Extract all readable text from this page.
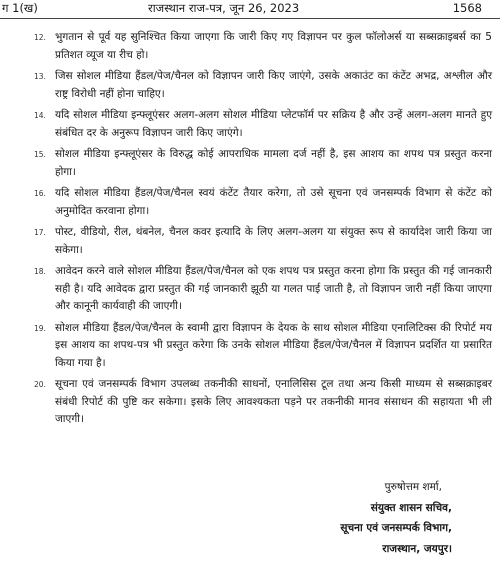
ग 1(ख)	राजस्थान राज-पत्र, जून 26, 2023	1568
12. भुगतान से पूर्व यह सुनिश्चित किया जाएगा कि जारी किए गए विज्ञापन पर कुल फॉलोअर्स या सब्सक्राइबर्स का 5 प्रतिशत व्यूज या रीच हो।
13. जिस सोशल मीडिया हैंडल/पेज/चैनल को विज्ञापन जारी किए जाएंगे, उसके अकाउंट का कंटेंट अभद्र, अश्लील और राष्ट्र विरोधी नहीं होना चाहिए।
14. यदि सोशल मीडिया इन्फ्लूएंसर अलग-अलग सोशल मीडिया प्लेटफॉर्म पर सक्रिय है और उन्हें अलग-अलग मानते हुए संबंधित दर के अनुरूप विज्ञापन जारी किए जाएंगे।
15. सोशल मीडिया इन्फ्लूएंसर के विरुद्ध कोई आपराधिक मामला दर्ज नहीं है, इस आशय का शपथ पत्र प्रस्तुत करना होगा।
16. यदि सोशल मीडिया हैंडल/पेज/चैनल स्वयं कंटेंट तैयार करेगा, तो उसे सूचना एवं जनसम्पर्क विभाग से कंटेंट को अनुमोदित करवाना होगा।
17. पोस्ट, वीडियो, रील, थंबनेल, चैनल कवर इत्यादि के लिए अलग-अलग या संयुक्त रूप से कार्यादेश जारी किया जा सकेगा।
18. आवेदन करने वाले सोशल मीडिया हैंडल/पेज/चैनल को एक शपथ पत्र प्रस्तुत करना होगा कि प्रस्तुत की गई जानकारी सही है। यदि आवेदक द्वारा प्रस्तुत की गई जानकारी झूठी या गलत पाई जाती है, तो विज्ञापन जारी नहीं किया जाएगा और कानूनी कार्यवाही की जाएगी।
19. सोशल मीडिया हैंडल/पेज/चैनल के स्वामी द्वारा विज्ञापन के देयक के साथ सोशल मीडिया एनालिटिक्स की रिपोर्ट मय इस आशय का शपथ-पत्र भी प्रस्तुत करेगा कि उनके सोशल मीडिया हैंडल/पेज/चैनल में विज्ञापन प्रदर्शित या प्रसारित किया गया है।
20. सूचना एवं जनसम्पर्क विभाग उपलब्ध तकनीकी साधनों, एनालिसिस टूल तथा अन्य किसी माध्यम से सब्सक्राइबर संबंधी रिपोर्ट की पुष्टि कर सकेगा। इसके लिए आवश्यकता पड़ने पर तकनीकी मानव संसाधन की सहायता भी ली जाएगी।
पुरुषोत्तम शर्मा,
संयुक्त शासन सचिव,
सूचना एवं जनसम्पर्क विभाग,
राजस्थान, जयपुर।
